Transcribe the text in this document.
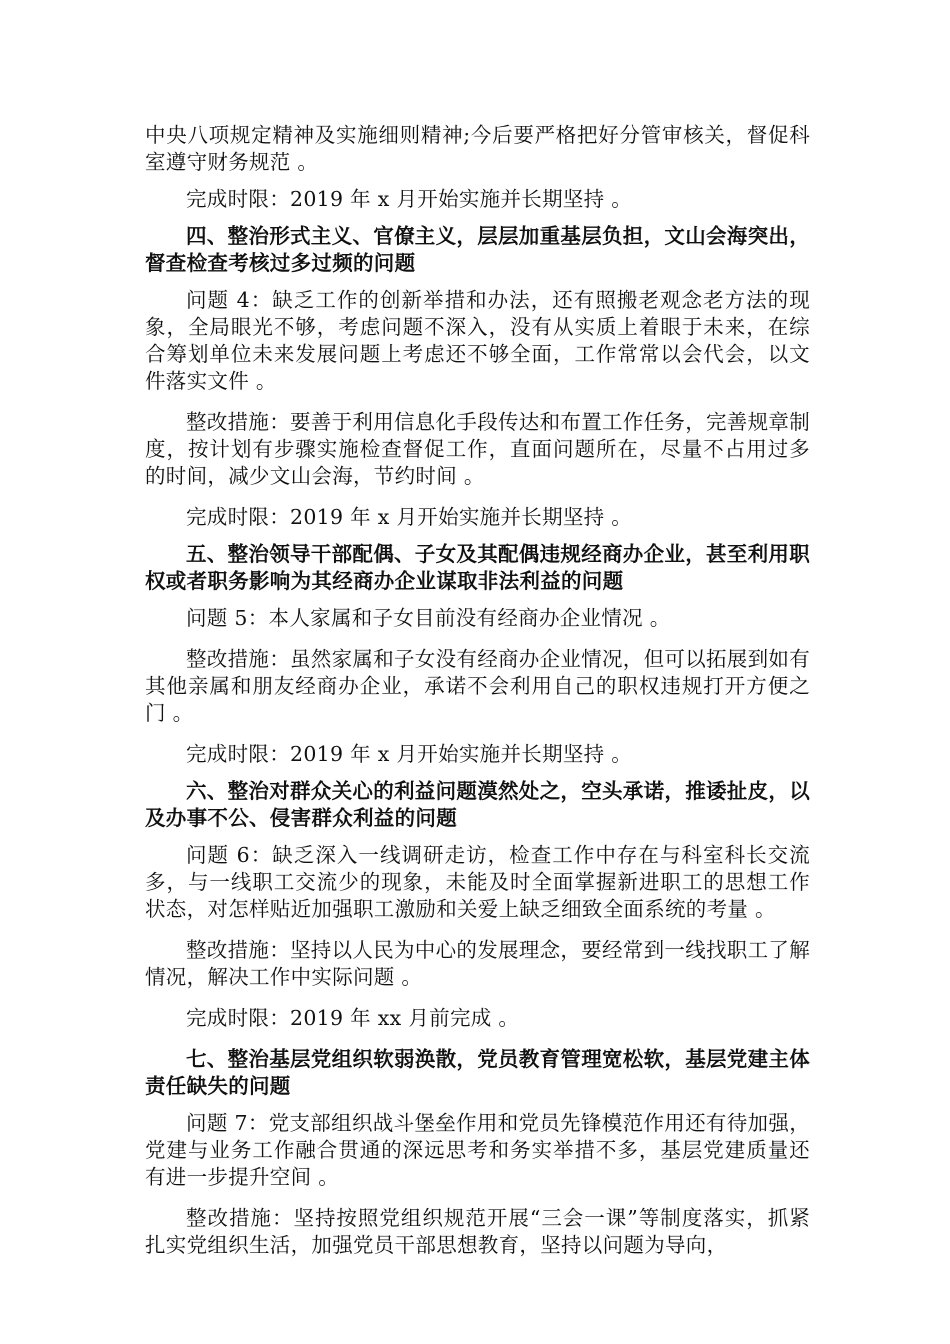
中央八项规定精神及实施细则精神;今后要严格把好分管审核关，督促科室遵守财务规范 。

完成时限：2019 年 x 月开始实施并长期坚持 。

四、整治形式主义、官僚主义，层层加重基层负担，文山会海突出，督查检查考核过多过频的问题

问题 4：缺乏工作的创新举措和办法，还有照搬老观念老方法的现象，全局眼光不够，考虑问题不深入，没有从实质上着眼于未来，在综合筹划单位未来发展问题上考虑还不够全面，工作常常以会代会，以文件落实文件 。

整改措施：要善于利用信息化手段传达和布置工作任务，完善规章制度，按计划有步骤实施检查督促工作，直面问题所在，尽量不占用过多的时间，减少文山会海，节约时间 。

完成时限：2019 年 x 月开始实施并长期坚持 。

五、整治领导干部配偶、子女及其配偶违规经商办企业，甚至利用职权或者职务影响为其经商办企业谋取非法利益的问题

问题 5：本人家属和子女目前没有经商办企业情况 。

整改措施：虽然家属和子女没有经商办企业情况，但可以拓展到如有其他亲属和朋友经商办企业，承诺不会利用自己的职权违规打开方便之门 。

完成时限：2019 年 x 月开始实施并长期坚持 。

六、整治对群众关心的利益问题漠然处之，空头承诺，推诿扯皮，以及办事不公、侵害群众利益的问题

问题 6：缺乏深入一线调研走访，检查工作中存在与科室科长交流多，与一线职工交流少的现象，未能及时全面掌握新进职工的思想工作状态，对怎样贴近加强职工激励和关爱上缺乏细致全面系统的考量 。

整改措施：坚持以人民为中心的发展理念，要经常到一线找职工了解情况，解决工作中实际问题 。

完成时限：2019 年 xx 月前完成 。

七、整治基层党组织软弱涣散，党员教育管理宽松软，基层党建主体责任缺失的问题

问题 7：党支部组织战斗堡垒作用和党员先锋模范作用还有待加强，党建与业务工作融合贯通的深远思考和务实举措不多，基层党建质量还有进一步提升空间 。

整改措施：坚持按照党组织规范开展“三会一课”等制度落实，抓紧扎实党组织生活，加强党员干部思想教育，坚持以问题为导向，
